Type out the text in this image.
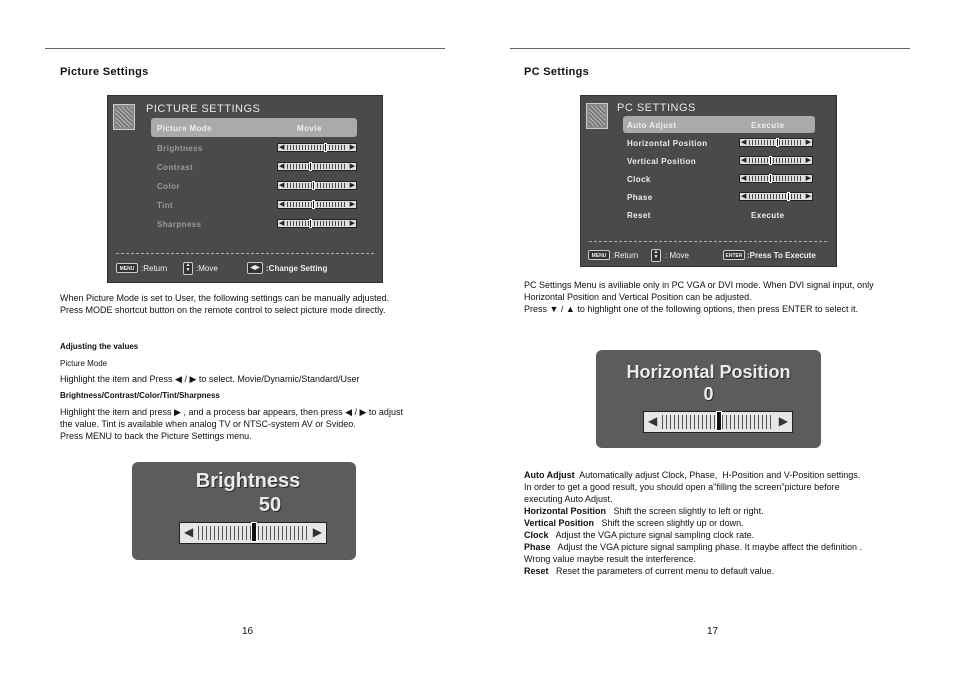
Picture Settings
PICTURE SETTINGS
Picture Mode	Movie
Brightness	◀	▶
Contrast	◀	▶
Color	◀	▶
Tint	◀	▶
Sharpness	◀	▶
MENU :Return	▲
▼ :Move	◀▶ :Change Setting

When Picture Mode is set to User, the following settings can be manually adjusted.

Press MODE shortcut button on the remote control to select picture mode directly.

Adjusting the values
Picture Mode
Highlight the item and Press ◀ / ▶ to select. Movie/Dynamic/Standard/User
Brightness/Contrast/Color/Tint/Sharpness

Highlight the item and press ▶ , and a process bar appears, then press ◀ / ▶ to adjust

the value. Tint is available when analog TV or NTSC-system AV or Svideo.

Press MENU to back the Picture Settings menu.

Brightness
50
◀	▶
16
PC Settings
PC SETTINGS
Auto Adjust	Execute
Horizontal Position	◀	▶
Vertical Position	◀	▶
Clock	◀	▶
Phase	◀	▶
Reset	Execute
MENU :Return	▲
▼ : Move	ENTER :Press To Execute

PC Settings Menu is aviliable only in PC VGA or DVI mode. When DVI signal input, only

Horizontal Position and Vertical Position can be adjusted.

Press ▼ / ▲ to highlight one of the following options, then press ENTER to select it.

Horizontal Position
0
◀	▶

Auto Adjust  Automatically adjust Clock, Phase,  H-Position and V-Position settings.

In order to get a good result, you should open a"filling the screen"picture before

executing Auto Adjust.

Horizontal Position   Shift the screen slightly to left or right.

Vertical Position   Shift the screen slightly up or down.

Clock   Adjust the VGA picture signal sampling clock rate.

Phase   Adjust the VGA picture signal sampling phase. It maybe affect the definition .

Wrong value maybe result the interference.

Reset   Reset the parameters of current menu to default value.

17
